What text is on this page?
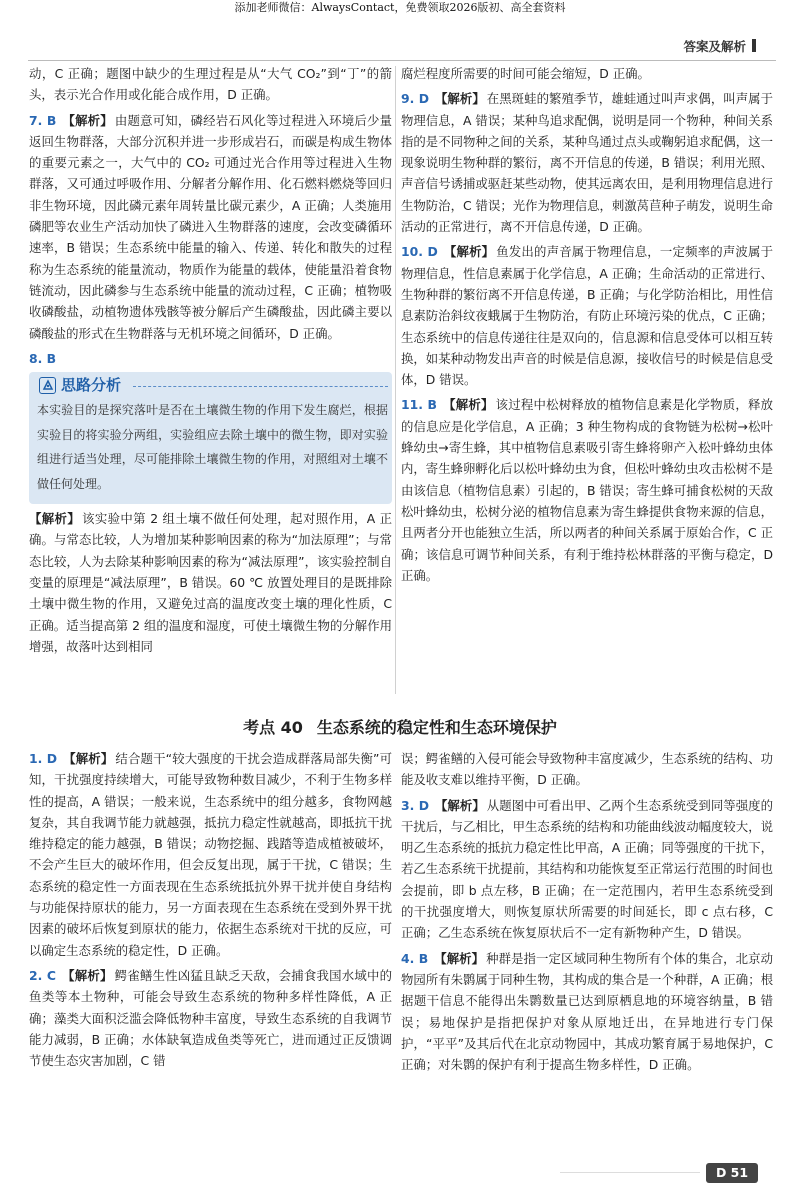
添加老师微信：AlwaysContact，免费领取2026版初、高全套资料
答案及解析
动，C 正确；题图中缺少的生理过程是从“大气 CO₂”到“丁”的箭头，表示光合作用或化能合成作用，D 正确。
7. B 【解析】 由题意可知，磷经岩石风化等过程进入环境后少量返回生物群落，大部分沉积并进一步形成岩石，而碳是构成生物体的重要元素之一，大气中的 CO₂ 可通过光合作用等过程进入生物群落，又可通过呼吸作用、分解者分解作用、化石燃料燃烧等回归非生物环境，因此磷元素年周转量比碳元素少，A 正确；人类施用磷肥等农业生产活动加快了磷进入生物群落的速度，会改变磷循环速率，B 错误；生态系统中能量的输入、传递、转化和散失的过程称为生态系统的能量流动，物质作为能量的载体，使能量沿着食物链流动，因此磷参与生态系统中能量的流动过程，C 正确；植物吸收磷酸盐，动植物遗体残骸等被分解后产生磷酸盐，因此磷主要以磷酸盐的形式在生物群落与无机环境之间循环，D 正确。
8. B
思路分析
本实验目的是探究落叶是否在土壤微生物的作用下发生腐烂，根据实验目的将实验分两组，实验组应去除土壤中的微生物，即对实验组进行适当处理，尽可能排除土壤微生物的作用，对照组对土壤不做任何处理。
【解析】 该实验中第 2 组土壤不做任何处理，起对照作用，A 正确。与常态比较，人为增加某种影响因素的称为“加法原理”；与常态比较，人为去除某种影响因素的称为“减法原理”，该实验控制自变量的原理是“减法原理”，B 错误。60 ℃ 放置处理目的是既排除土壤中微生物的作用，又避免过高的温度改变土壤的理化性质，C 正确。适当提高第 2 组的温度和湿度，可使土壤微生物的分解作用增强，故落叶达到相同
腐烂程度所需要的时间可能会缩短，D 正确。
9. D 【解析】 在黑斑蛙的繁殖季节，雄蛙通过叫声求偶，叫声属于物理信息，A 错误；某种鸟追求配偶，说明是同一个物种，种间关系指的是不同物种之间的关系，某种鸟通过点头或鞠躬追求配偶，这一现象说明生物种群的繁衍，离不开信息的传递，B 错误；利用光照、声音信号诱捕或驱赶某些动物，使其远离农田，是利用物理信息进行生物防治，C 错误；光作为物理信息，刺激莴苣种子萌发，说明生命活动的正常进行，离不开信息传递，D 正确。
10. D 【解析】 鱼发出的声音属于物理信息，一定频率的声波属于物理信息，性信息素属于化学信息，A 正确；生命活动的正常进行、生物种群的繁衍离不开信息传递，B 正确；与化学防治相比，用性信息素防治斜纹夜蛾属于生物防治，有防止环境污染的优点，C 正确；生态系统中的信息传递往往是双向的，信息源和信息受体可以相互转换，如某种动物发出声音的时候是信息源，接收信号的时候是信息受体，D 错误。
11. B 【解析】 该过程中松树释放的植物信息素是化学物质，释放的信息应是化学信息，A 正确；3 种生物构成的食物链为松树→松叶蜂幼虫→寄生蜂，其中植物信息素吸引寄生蜂将卵产入松叶蜂幼虫体内，寄生蜂卵孵化后以松叶蜂幼虫为食，但松叶蜂幼虫攻击松树不是由该信息（植物信息素）引起的，B 错误；寄生蜂可捕食松树的天敌松叶蜂幼虫，松树分泌的植物信息素为寄生蜂提供食物来源的信息，且两者分开也能独立生活，所以两者的种间关系属于原始合作，C 正确；该信息可调节种间关系，有利于维持松林群落的平衡与稳定，D 正确。
考点 40 生态系统的稳定性和生态环境保护
1. D 【解析】 结合题干“较大强度的干扰会造成群落局部失衡”可知，干扰强度持续增大，可能导致物种数目减少，不利于生物多样性的提高，A 错误；一般来说，生态系统中的组分越多，食物网越复杂，其自我调节能力就越强，抵抗力稳定性就越高，即抵抗干扰维持稳定的能力越强，B 错误；动物挖掘、践踏等造成植被破坏，不会产生巨大的破坏作用，但会反复出现，属于干扰，C 错误；生态系统的稳定性一方面表现在生态系统抵抗外界干扰并使自身结构与功能保持原状的能力，另一方面表现在生态系统在受到外界干扰因素的破坏后恢复到原状的能力，依据生态系统对干扰的反应，可以确定生态系统的稳定性，D 正确。
2. C 【解析】 鳄雀鳝生性凶猛且缺乏天敌，会捕食我国水域中的鱼类等本土物种，可能会导致生态系统的物种多样性降低，A 正确；藻类大面积泛滥会降低物种丰富度，导致生态系统的自我调节能力减弱，B 正确；水体缺氧造成鱼类等死亡，进而通过正反馈调节使生态灾害加剧，C 错
误；鳄雀鳝的入侵可能会导致物种丰富度减少，生态系统的结构、功能及收支难以维持平衡，D 正确。
3. D 【解析】 从题图中可看出甲、乙两个生态系统受到同等强度的干扰后，与乙相比，甲生态系统的结构和功能曲线波动幅度较大，说明乙生态系统的抵抗力稳定性比甲高，A 正确；同等强度的干扰下，若乙生态系统干扰提前，其结构和功能恢复至正常运行范围的时间也会提前，即 b 点左移，B 正确；在一定范围内，若甲生态系统受到的干扰强度增大，则恢复原状所需要的时间延长，即 c 点右移，C 正确；乙生态系统在恢复原状后不一定有新物种产生，D 错误。
4. B 【解析】 种群是指一定区域同种生物所有个体的集合，北京动物园所有朱鹮属于同种生物，其构成的集合是一个种群，A 正确；根据题干信息不能得出朱鹮数量已达到原栖息地的环境容纳量，B 错误；易地保护是指把保护对象从原地迁出，在异地进行专门保护，“平平”及其后代在北京动物园中，其成功繁育属于易地保护，C 正确；对朱鹮的保护有利于提高生物多样性，D 正确。
D 51
